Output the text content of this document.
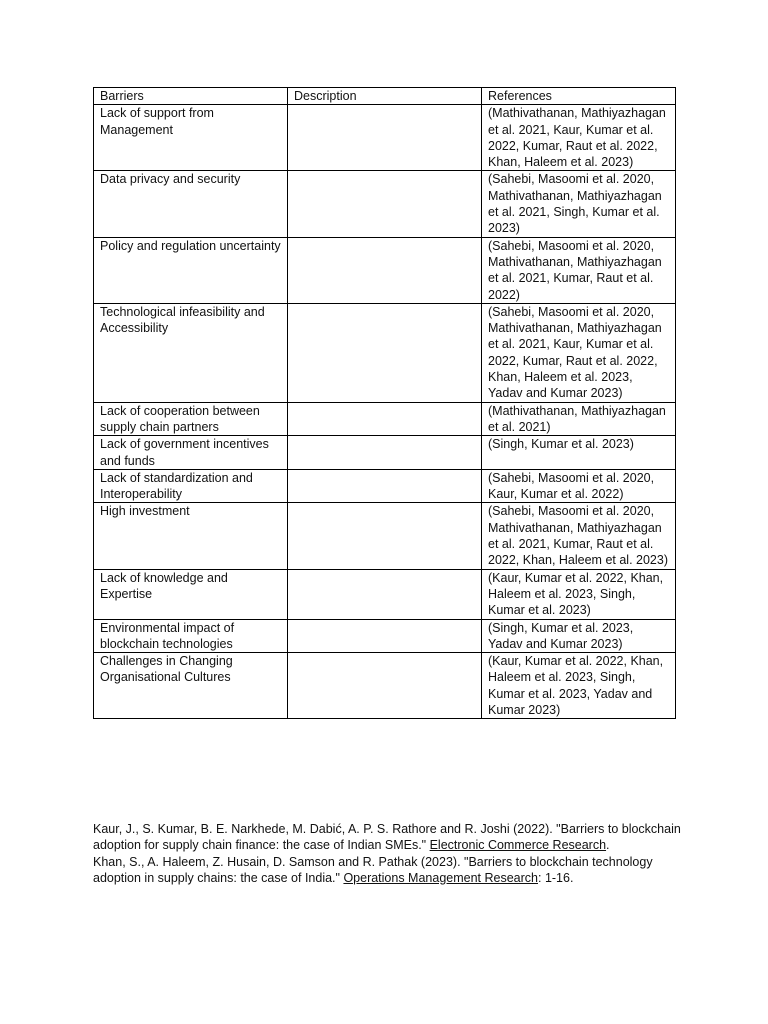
Barriers	Description	References
Lack of support from Management		(Mathivathanan, Mathiyazhagan et al. 2021, Kaur, Kumar et al. 2022, Kumar, Raut et al. 2022, Khan, Haleem et al. 2023)
Data privacy and security		(Sahebi, Masoomi et al. 2020, Mathivathanan, Mathiyazhagan et al. 2021, Singh, Kumar et al. 2023)
Policy and regulation uncertainty		(Sahebi, Masoomi et al. 2020, Mathivathanan, Mathiyazhagan et al. 2021, Kumar, Raut et al. 2022)
Technological infeasibility and Accessibility		(Sahebi, Masoomi et al. 2020, Mathivathanan, Mathiyazhagan et al. 2021, Kaur, Kumar et al. 2022, Kumar, Raut et al. 2022, Khan, Haleem et al. 2023, Yadav and Kumar 2023)
Lack of cooperation between supply chain partners		(Mathivathanan, Mathiyazhagan et al. 2021)
Lack of government incentives and funds		(Singh, Kumar et al. 2023)
Lack of standardization and Interoperability		(Sahebi, Masoomi et al. 2020, Kaur, Kumar et al. 2022)
High investment		(Sahebi, Masoomi et al. 2020, Mathivathanan, Mathiyazhagan et al. 2021, Kumar, Raut et al. 2022, Khan, Haleem et al. 2023)
Lack of knowledge and Expertise		(Kaur, Kumar et al. 2022, Khan, Haleem et al. 2023, Singh, Kumar et al. 2023)
Environmental impact of blockchain technologies		(Singh, Kumar et al. 2023, Yadav and Kumar 2023)
Challenges in Changing Organisational Cultures		(Kaur, Kumar et al. 2022, Khan, Haleem et al. 2023, Singh, Kumar et al. 2023, Yadav and Kumar 2023)

Kaur, J., S. Kumar, B. E. Narkhede, M. Dabić, A. P. S. Rathore and R. Joshi (2022). "Barriers to blockchain adoption for supply chain finance: the case of Indian SMEs." Electronic Commerce Research.

Khan, S., A. Haleem, Z. Husain, D. Samson and R. Pathak (2023). "Barriers to blockchain technology adoption in supply chains: the case of India." Operations Management Research: 1-16.
